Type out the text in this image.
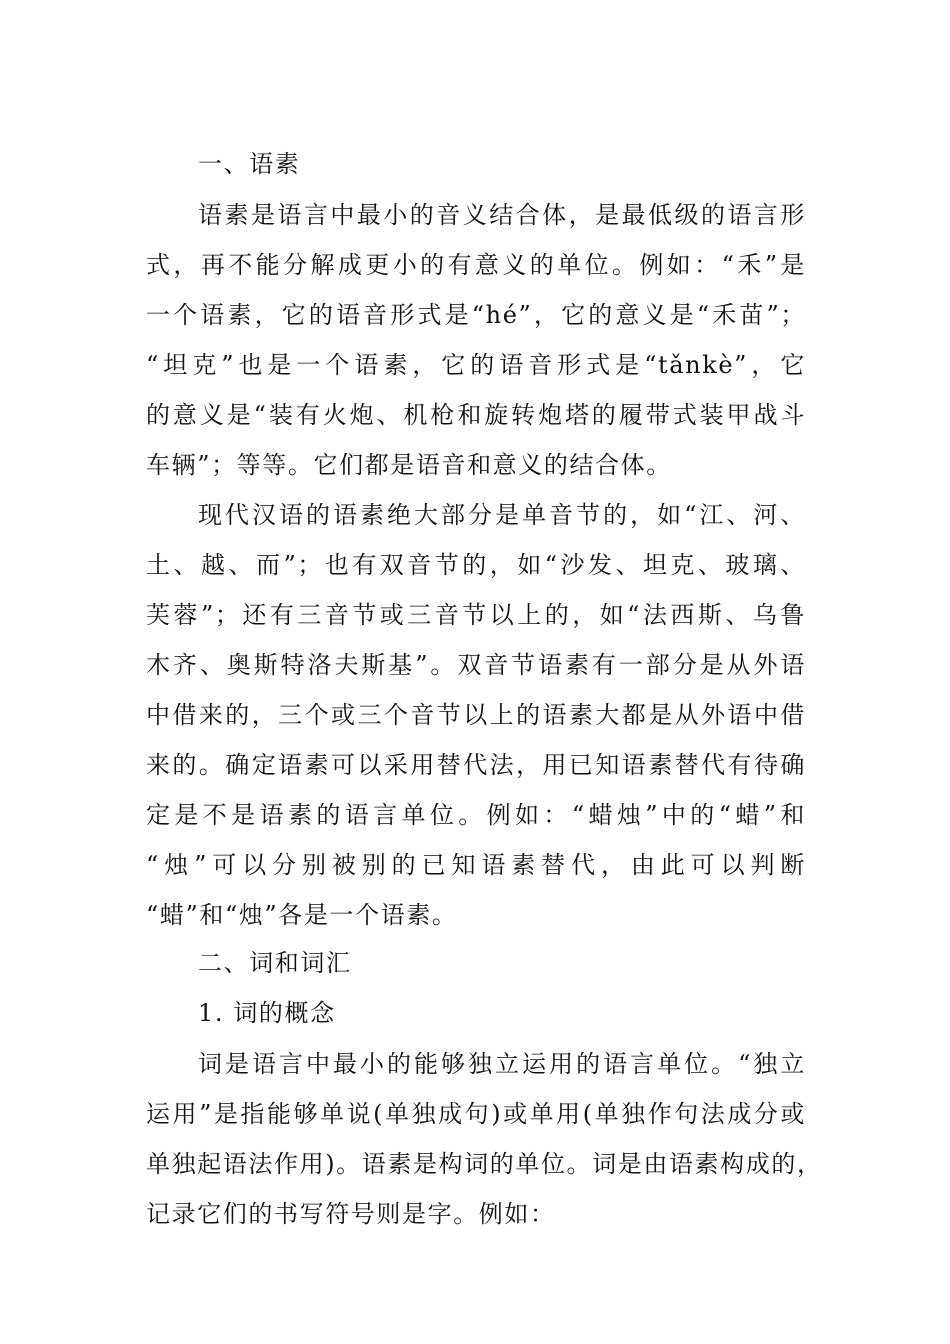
一、语素
语素是语言中最小的音义结合体，是最低级的语言形
式，再不能分解成更小的有意义的单位。例如：“禾”是
一个语素，它的语音形式是“hé”，它的意义是“禾苗”；
“坦克”也是一个语素，它的语音形式是“tǎnkè”，它
的意义是“装有火炮、机枪和旋转炮塔的履带式装甲战斗
车辆”；等等。它们都是语音和意义的结合体。
现代汉语的语素绝大部分是单音节的，如“江、河、
土、越、而”；也有双音节的，如“沙发、坦克、玻璃、
芙蓉”；还有三音节或三音节以上的，如“法西斯、乌鲁
木齐、奥斯特洛夫斯基”。双音节语素有一部分是从外语
中借来的，三个或三个音节以上的语素大都是从外语中借
来的。确定语素可以采用替代法，用已知语素替代有待确
定是不是语素的语言单位。例如：“蜡烛”中的“蜡”和
“烛”可以分别被别的已知语素替代，由此可以判断
“蜡”和“烛”各是一个语素。
二、词和词汇
1. 词的概念
词是语言中最小的能够独立运用的语言单位。“独立
运用”是指能够单说(单独成句)或单用(单独作句法成分或
单独起语法作用)。语素是构词的单位。词是由语素构成的，
记录它们的书写符号则是字。例如：
